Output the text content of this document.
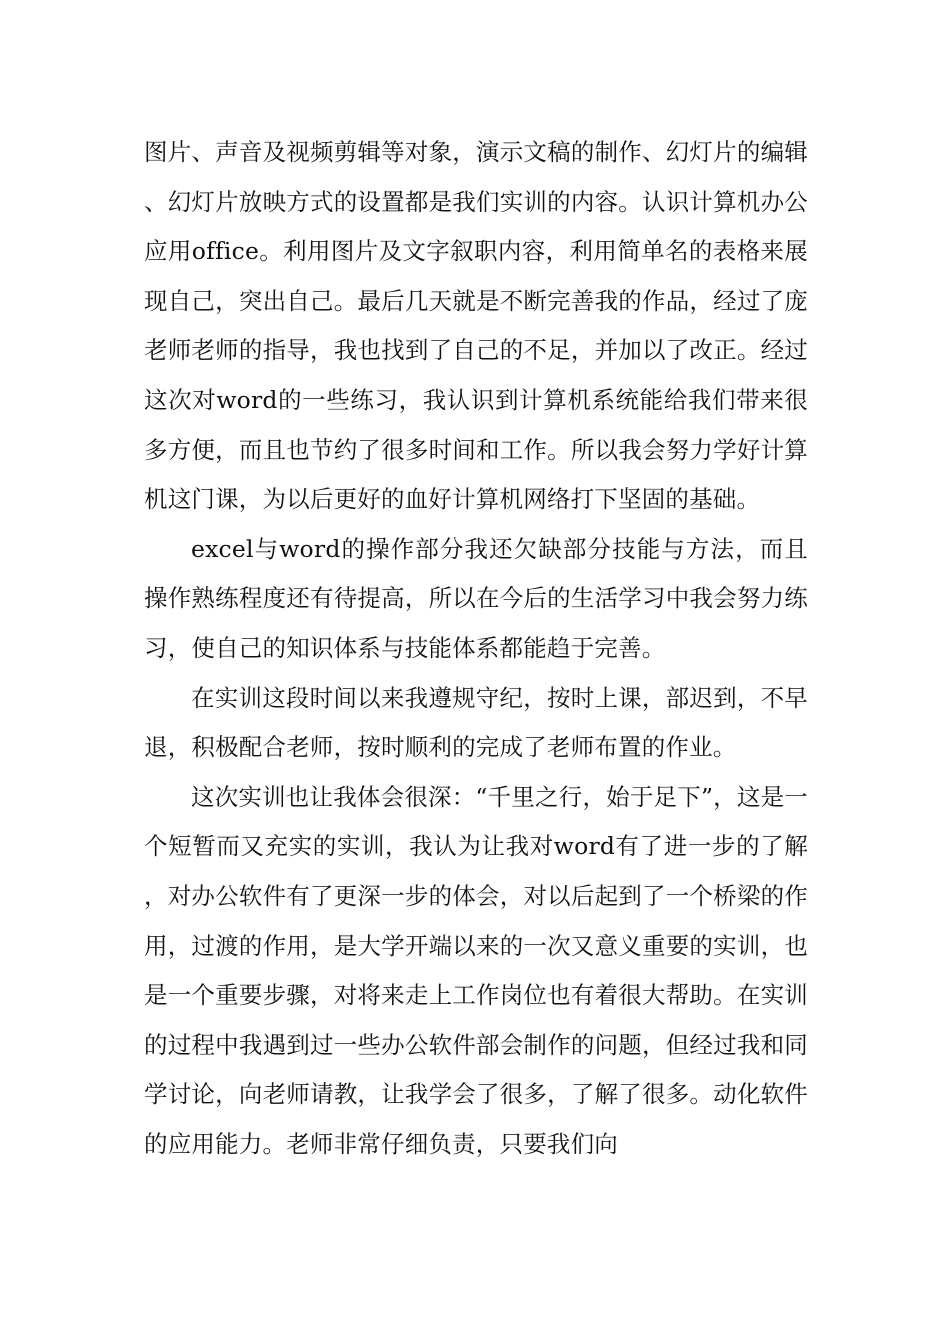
图片、声音及视频剪辑等对象，演示文稿的制作、幻灯片的编辑、幻灯片放映方式的设置都是我们实训的内容。认识计算机办公应用office。利用图片及文字叙职内容，利用简单名的表格来展现自己，突出自己。最后几天就是不断完善我的作品，经过了庞老师老师的指导，我也找到了自己的不足，并加以了改正。经过这次对word的一些练习，我认识到计算机系统能给我们带来很多方便，而且也节约了很多时间和工作。所以我会努力学好计算机这门课，为以后更好的血好计算机网络打下坚固的基础。

excel与word的操作部分我还欠缺部分技能与方法，而且操作熟练程度还有待提高，所以在今后的生活学习中我会努力练习，使自己的知识体系与技能体系都能趋于完善。

在实训这段时间以来我遵规守纪，按时上课，部迟到，不早退，积极配合老师，按时顺利的完成了老师布置的作业。

这次实训也让我体会很深：“千里之行，始于足下”，这是一个短暂而又充实的实训，我认为让我对word有了进一步的了解，对办公软件有了更深一步的体会，对以后起到了一个桥梁的作用，过渡的作用，是大学开端以来的一次又意义重要的实训，也是一个重要步骤，对将来走上工作岗位也有着很大帮助。在实训的过程中我遇到过一些办公软件部会制作的问题，但经过我和同学讨论，向老师请教，让我学会了很多，了解了很多。动化软件的应用能力。老师非常仔细负责，只要我们向
